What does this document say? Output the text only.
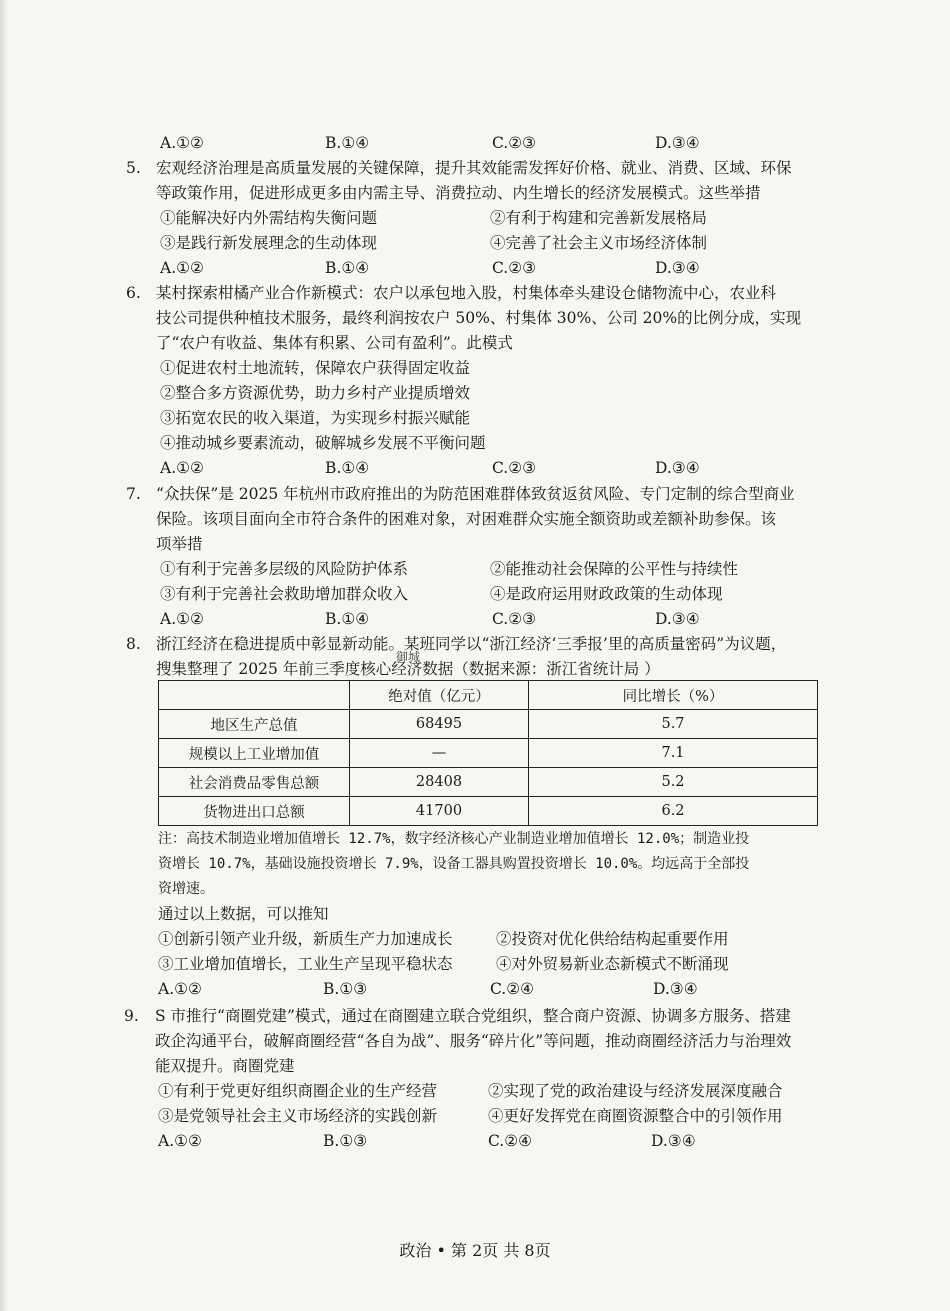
A.①②	B.①④	C.②③	D.③④
5. 宏观经济治理是高质量发展的关键保障，提升其效能需发挥好价格、就业、消费、区域、环保
等政策作用，促进形成更多由内需主导、消费拉动、内生增长的经济发展模式。这些举措
①能解决好内外需结构失衡问题	②有利于构建和完善新发展格局
③是践行新发展理念的生动体现	④完善了社会主义市场经济体制
A.①②	B.①④	C.②③	D.③④
6. 某村探索柑橘产业合作新模式：农户以承包地入股，村集体牵头建设仓储物流中心，农业科
技公司提供种植技术服务，最终利润按农户 50%、村集体 30%、公司 20%的比例分成，实现
了“农户有收益、集体有积累、公司有盈利”。此模式
①促进农村土地流转，保障农户获得固定收益
②整合多方资源优势，助力乡村产业提质增效
③拓宽农民的收入渠道，为实现乡村振兴赋能
④推动城乡要素流动，破解城乡发展不平衡问题
A.①②	B.①④	C.②③	D.③④
7. “众扶保”是 2025 年杭州市政府推出的为防范困难群体致贫返贫风险、专门定制的综合型商业
保险。该项目面向全市符合条件的困难对象，对困难群众实施全额资助或差额补助参保。该
项举措
①有利于完善多层级的风险防护体系	②能推动社会保障的公平性与持续性
③有利于完善社会救助增加群众收入	④是政府运用财政政策的生动体现
A.①②	B.①④	C.②③	D.③④
8. 浙江经济在稳进提质中彰显新动能。某班同学以“浙江经济‘三季报’里的高质量密码”为议题，
搜集整理了 2025 年前三季度核心经济数据（数据来源：浙江省统计局 ）
御城
	绝对值（亿元）	同比增长（%）
地区生产总值	68495	5.7
规模以上工业增加值	—	7.1
社会消费品零售总额	28408	5.2
货物进出口总额	41700	6.2
注：高技术制造业增加值增长 12.7%，数字经济核心产业制造业增加值增长 12.0%；制造业投
资增长 10.7%，基础设施投资增长 7.9%，设备工器具购置投资增长 10.0%。均远高于全部投
资增速。
通过以上数据，可以推知
①创新引领产业升级，新质生产力加速成长	②投资对优化供给结构起重要作用
③工业增加值增长，工业生产呈现平稳状态	④对外贸易新业态新模式不断涌现
A.①②	B.①③	C.②④	D.③④
9. S 市推行“商圈党建”模式，通过在商圈建立联合党组织，整合商户资源、协调多方服务、搭建
政企沟通平台，破解商圈经营“各自为战”、服务“碎片化”等问题，推动商圈经济活力与治理效
能双提升。商圈党建
①有利于党更好组织商圈企业的生产经营	②实现了党的政治建设与经济发展深度融合
③是党领导社会主义市场经济的实践创新	④更好发挥党在商圈资源整合中的引领作用
A.①②	B.①③	C.②④	D.③④
政治 • 第 2页 共 8页
